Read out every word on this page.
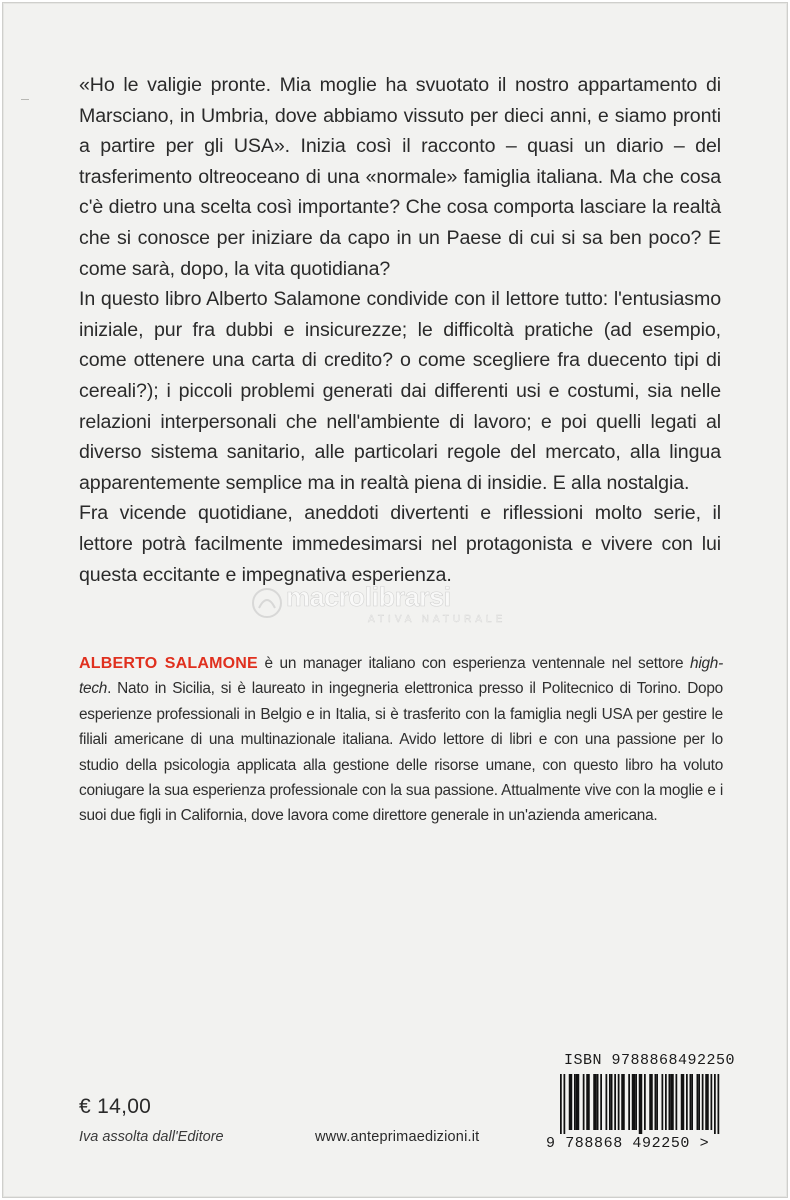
«Ho le valigie pronte. Mia moglie ha svuotato il nostro appartamento di Marsciano, in Umbria, dove abbiamo vissuto per dieci anni, e siamo pronti a partire per gli USA». Inizia così il racconto – quasi un diario – del trasferimento oltreoceano di una «normale» famiglia italiana. Ma che cosa c'è dietro una scelta così importante? Che cosa comporta lasciare la realtà che si conosce per iniziare da capo in un Paese di cui si sa ben poco? E come sarà, dopo, la vita quotidiana?

In questo libro Alberto Salamone condivide con il lettore tutto: l'entusiasmo iniziale, pur fra dubbi e insicurezze; le difficoltà pratiche (ad esempio, come ottenere una carta di credito? o come scegliere fra duecento tipi di cereali?); i piccoli problemi generati dai differenti usi e costumi, sia nelle relazioni interpersonali che nell'ambiente di lavoro; e poi quelli legati al diverso sistema sanitario, alle particolari regole del mercato, alla lingua apparentemente semplice ma in realtà piena di insidie. E alla nostalgia.

Fra vicende quotidiane, aneddoti divertenti e riflessioni molto serie, il lettore potrà facilmente immedesimarsi nel protagonista e vivere con lui questa eccitante e impegnativa esperienza.

macrolibrarsi
ATIVA NATURALE
ALBERTO SALAMONE è un manager italiano con esperienza ventennale nel settore high-tech. Nato in Sicilia, si è laureato in ingegneria elettronica presso il Politecnico di Torino. Dopo esperienze professionali in Belgio e in Italia, si è trasferito con la famiglia negli USA per gestire le filiali americane di una multinazionale italiana. Avido lettore di libri e con una passione per lo studio della psicologia applicata alla gestione delle risorse umane, con questo libro ha voluto coniugare la sua esperienza professionale con la sua passione. Attualmente vive con la moglie e i suoi due figli in California, dove lavora come direttore generale in un'azienda americana.
€ 14,00
Iva assolta dall'Editore	www.anteprimaedizioni.it
ISBN 9788868492250
9 788868 492250 >
